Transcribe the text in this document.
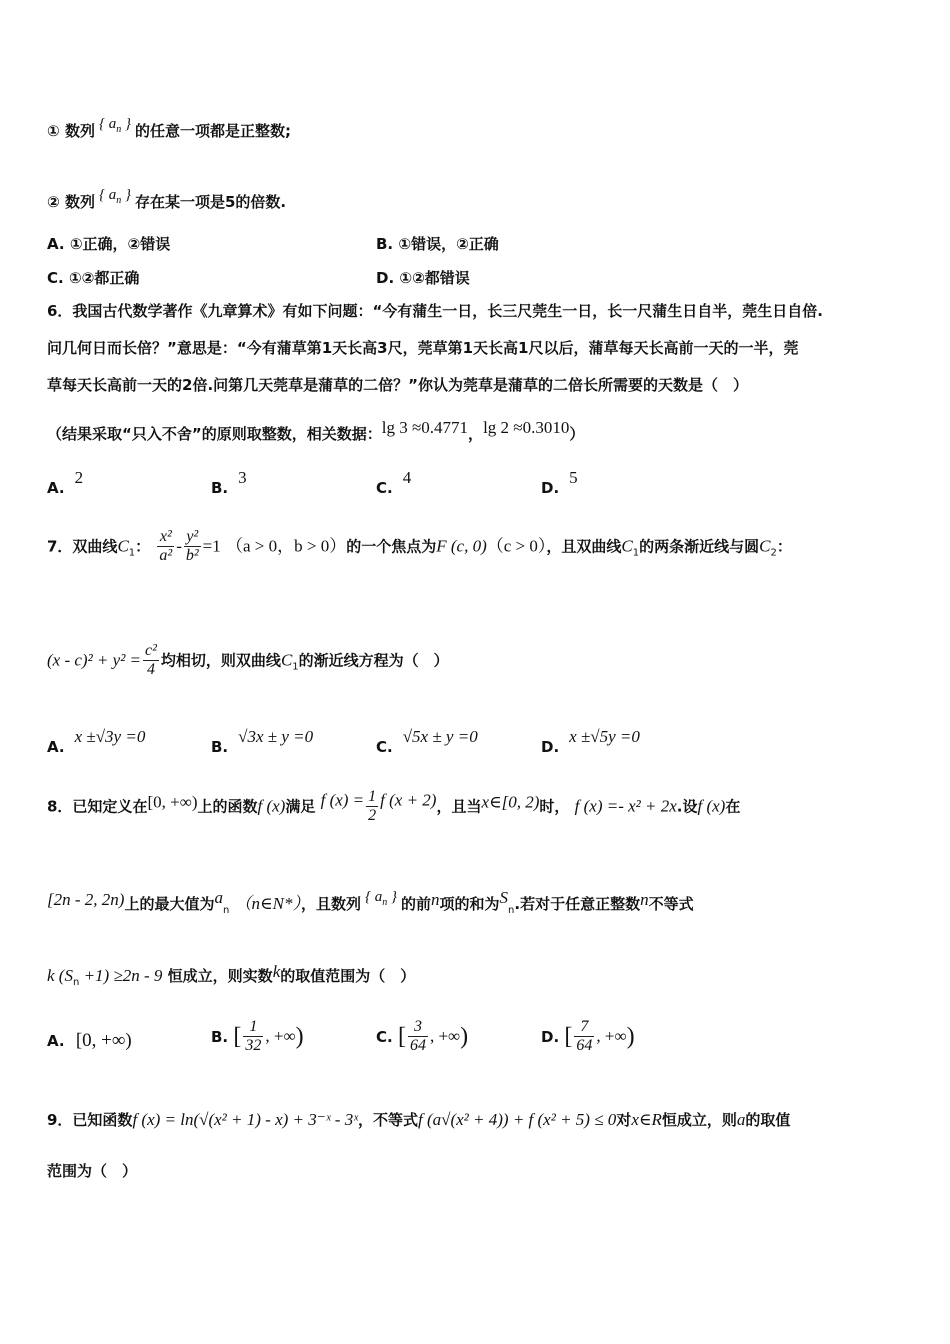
① 数列 { $a_n$ } 的任意一项都是正整数;
② 数列 { $a_n$ } 存在某一项是5的倍数.
A. ①正确，②错误	B. ①错误，②正确
C. ①②都正确	D. ①②都错误
6．我国古代数学著作《九章算术》有如下问题：“今有蒲生一日，长三尺莞生一日，长一尺蒲生日自半，莞生日自倍.
问几何日而长倍？”意思是：“今有蒲草第1天长高3尺，莞草第1天长高1尺以后，蒲草每天长高前一天的一半，莞
草每天长高前一天的2倍.问第几天莞草是蒲草的二倍？”你认为莞草是蒲草的二倍长所需要的天数是（　）
（结果采取“只入不舍”的原则取整数，相关数据：lg 3 ≈0.4771，lg 2 ≈0.3010）
A.2
B.3
C.4
D.5
7．双曲线$C_1$： $\frac{\text{x²}}{\text{a²}} - \frac{\text{y²}}{\text{b²}} =1$ （a > 0，b > 0）的一个焦点为F (c, 0)（c > 0），且双曲线$C_1$的两条渐近线与圆$C_2$：
$(x - c)^2 + y^2 = \frac{\text{c²}}{4}$ 均相切，则双曲线$C_1$的渐近线方程为（　）
A.x ±√3y =0
B.√3x ± y =0
C.√5x ± y =0
D.x ±√5y =0
8．已知定义在[0, +∞)上的函数f (x)满足 f $(x) = \frac{1}{2}$ f (x + 2)，且当x∈[0, 2)时， f (x) =- x² + 2x.设f (x)在
[2n - 2, 2n)上的最大值为$a_n$ （n∈N*），且数列 { $a_n$ } 的前n项的和为$S_n$.若对于任意正整数n不等式
k $(S_n +1) \ge 2n - 9$ 恒成立，则实数k的取值范围为（　）
A. [0, +∞)	B. [ $\frac{1}{32}$ , +∞)	C. [ $\frac{3}{64}$ , +∞)	D. [ $\frac{7}{64}$ , +∞)
9．已知函数f (x) = ln(√(x² + 1) - x) + 3⁻ˣ - 3ˣ，不等式f (a√(x² + 4)) + f (x² + 5) ≤ 0对x∈R恒成立，则a的取值
范围为（　）
